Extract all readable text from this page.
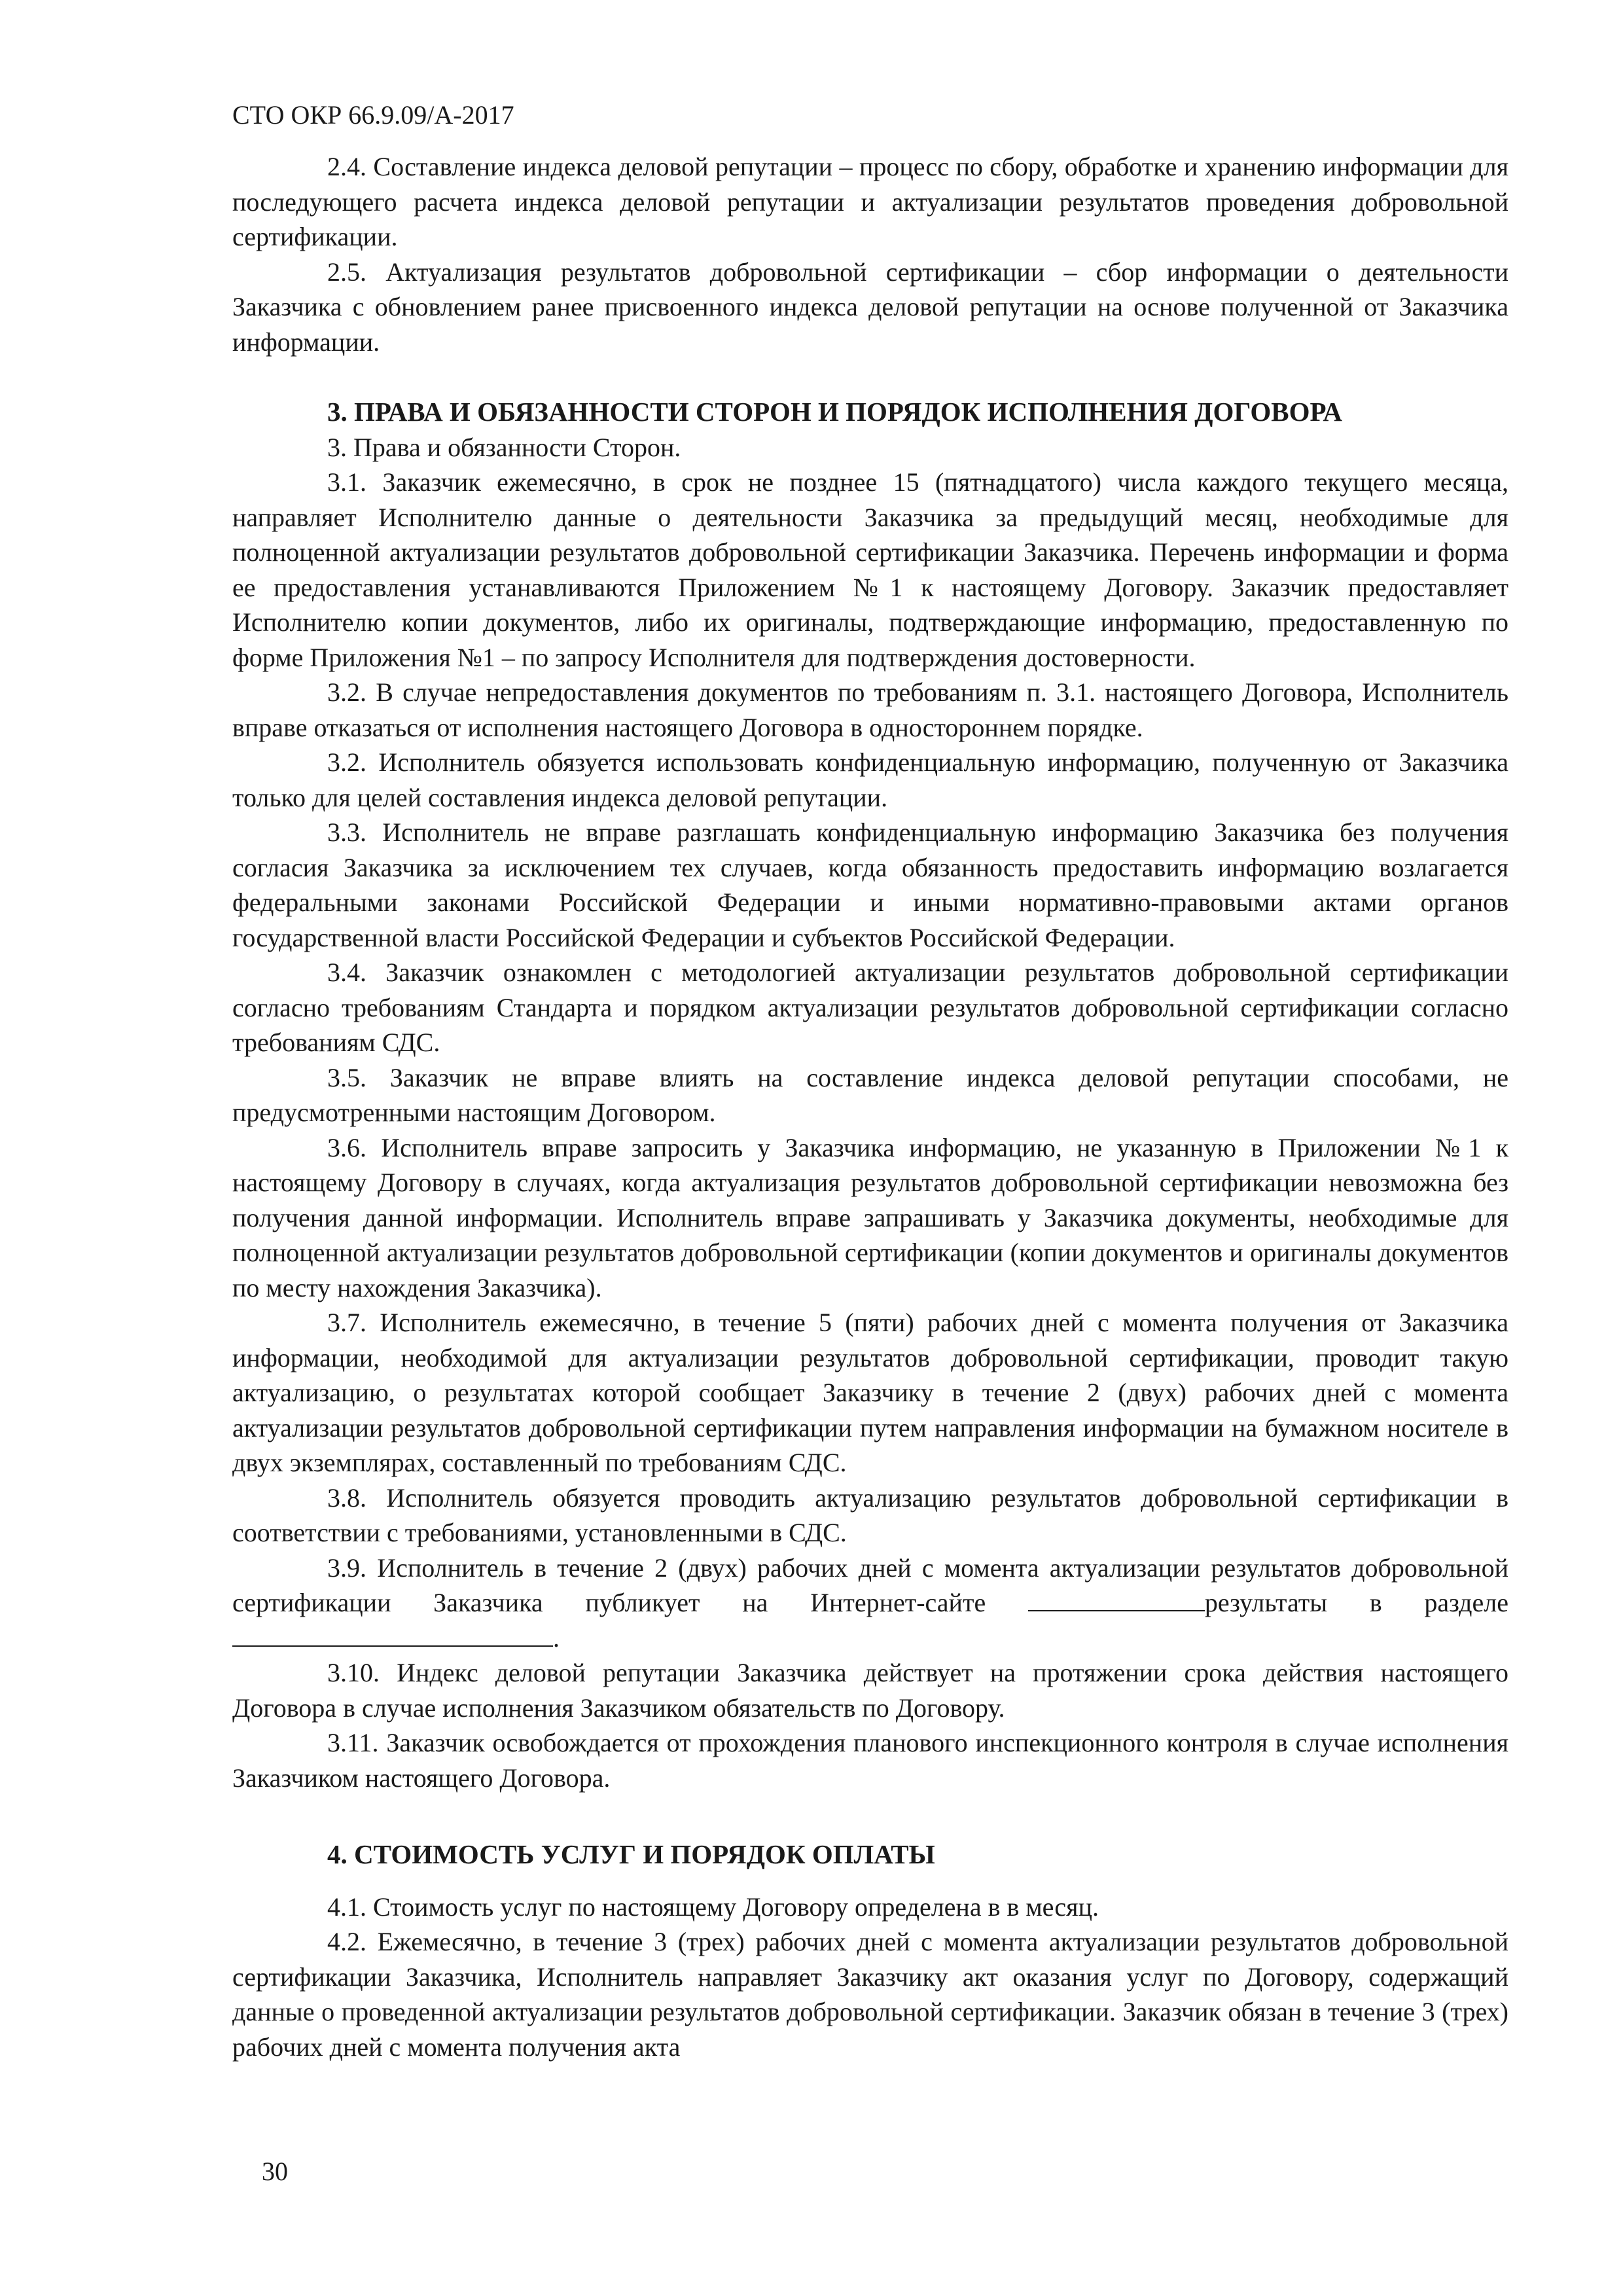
СТО ОКР 66.9.09/А-2017

2.4. Составление индекса деловой репутации – процесс по сбору, обработке и хранению информации для последующего расчета индекса деловой репутации и актуализации результатов проведения добровольной сертификации.

2.5. Актуализация результатов добровольной сертификации – сбор информации о деятельности Заказчика с обновлением ранее присвоенного индекса деловой репутации на основе полученной от Заказчика информации.

3. ПРАВА И ОБЯЗАННОСТИ СТОРОН И ПОРЯДОК ИСПОЛНЕНИЯ ДОГОВОРА

3. Права и обязанности Сторон.

3.1. Заказчик ежемесячно, в срок не позднее 15 (пятнадцатого) числа каждого текущего месяца, направляет Исполнителю данные о деятельности Заказчика за предыдущий месяц, необходимые для полноценной актуализации результатов добровольной сертификации Заказчика. Перечень информации и форма ее предоставления устанавливаются Приложением №1 к настоящему Договору. Заказчик предоставляет Исполнителю копии документов, либо их оригиналы, подтверждающие информацию, предоставленную по форме Приложения №1 – по запросу Исполнителя для подтверждения достоверности.

3.2. В случае непредоставления документов по требованиям п. 3.1. настоящего Договора, Исполнитель вправе отказаться от исполнения настоящего Договора в одностороннем порядке.

3.2. Исполнитель обязуется использовать конфиденциальную информацию, полученную от Заказчика только для целей составления индекса деловой репутации.

3.3. Исполнитель не вправе разглашать конфиденциальную информацию Заказчика без получения согласия Заказчика за исключением тех случаев, когда обязанность предоставить информацию возлагается федеральными законами Российской Федерации и иными нормативно-правовыми актами органов государственной власти Российской Федерации и субъектов Российской Федерации.

3.4. Заказчик ознакомлен с методологией актуализации результатов добровольной сертификации согласно требованиям Стандарта и порядком актуализации результатов добровольной сертификации согласно требованиям СДС.

3.5. Заказчик не вправе влиять на составление индекса деловой репутации способами, не предусмотренными настоящим Договором.

3.6. Исполнитель вправе запросить у Заказчика информацию, не указанную в Приложении №1 к настоящему Договору в случаях, когда актуализация результатов добровольной сертификации невозможна без получения данной информации. Исполнитель вправе запрашивать у Заказчика документы, необходимые для полноценной актуализации результатов добровольной сертификации (копии документов и оригиналы документов по месту нахождения Заказчика).

3.7. Исполнитель ежемесячно, в течение 5 (пяти) рабочих дней с момента получения от Заказчика информации, необходимой для актуализации результатов добровольной сертификации, проводит такую актуализацию, о результатах которой сообщает Заказчику в течение 2 (двух) рабочих дней с момента актуализации результатов добровольной сертификации путем направления информации на бумажном носителе в двух экземплярах, составленный по требованиям СДС.

3.8. Исполнитель обязуется проводить актуализацию результатов добровольной сертификации в соответствии с требованиями, установленными в СДС.

3.9. Исполнитель в течение 2 (двух) рабочих дней с момента актуализации результатов добровольной сертификации Заказчика публикует на Интернет-сайте	результаты в разделе .

3.10. Индекс деловой репутации Заказчика действует на протяжении срока действия настоящего Договора в случае исполнения Заказчиком обязательств по Договору.

3.11. Заказчик освобождается от прохождения планового инспекционного контроля в случае исполнения Заказчиком настоящего Договора.

4. СТОИМОСТЬ УСЛУГ И ПОРЯДОК ОПЛАТЫ

4.1. Стоимость услуг по настоящему Договору определена в в месяц.

4.2. Ежемесячно, в течение 3 (трех) рабочих дней с момента актуализации результатов добровольной сертификации Заказчика, Исполнитель направляет Заказчику акт оказания услуг по Договору, содержащий данные о проведенной актуализации результатов добровольной сертификации. Заказчик обязан в течение 3 (трех) рабочих дней с момента получения акта

30
